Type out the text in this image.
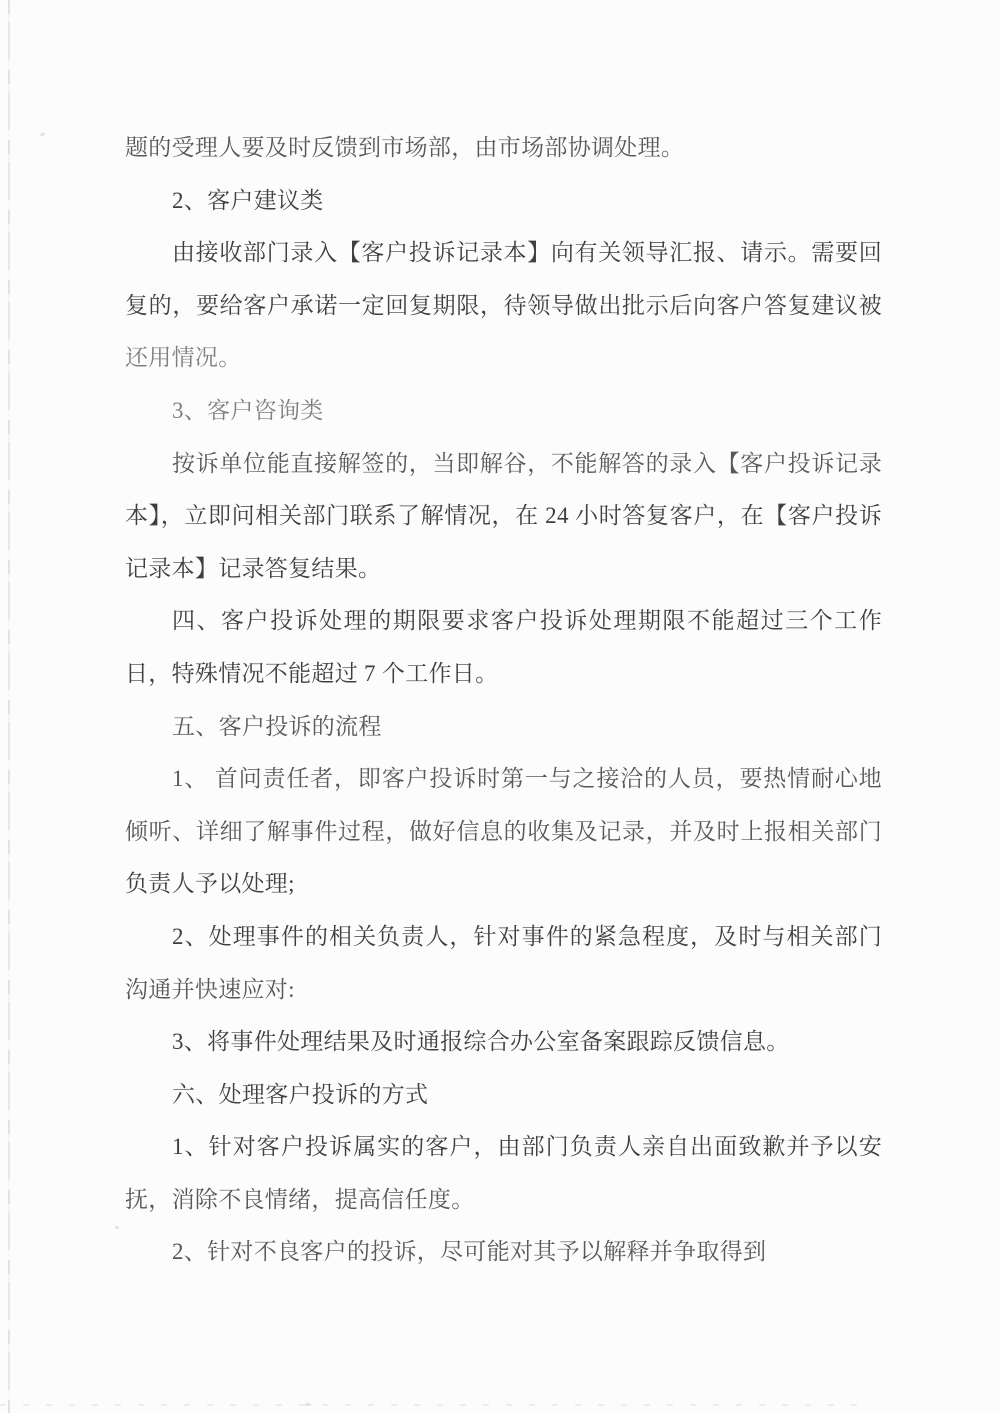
题的受理人要及时反馈到市场部，由市场部协调处理。
2、客户建议类
由接收部门录入【客户投诉记录本】向有关领导汇报、请示。需要回
复的，要给客户承诺一定回复期限，待领导做出批示后向客户答复建议被
还用情况。
3、客户咨询类
按诉单位能直接解签的，当即解谷，不能解答的录入【客户投诉记录
本】，立即问相关部门联系了解情况，在 24 小时答复客户，在【客户投诉
记录本】记录答复结果。
四、客户投诉处理的期限要求客户投诉处理期限不能超过三个工作
日，特殊情况不能超过 7 个工作日。
五、客户投诉的流程
1、 首问责任者，即客户投诉时第一与之接洽的人员，要热情耐心地
倾听、详细了解事件过程，做好信息的收集及记录，并及时上报相关部门
负责人予以处理;
2、处理事件的相关负责人，针对事件的紧急程度，及时与相关部门
沟通并快速应对:
3、将事件处理结果及时通报综合办公室备案跟踪反馈信息。
六、处理客户投诉的方式
1、针对客户投诉属实的客户，由部门负责人亲自出面致歉并予以安
抚，消除不良情绪，提高信任度。
2、针对不良客户的投诉，尽可能对其予以解释并争取得到
